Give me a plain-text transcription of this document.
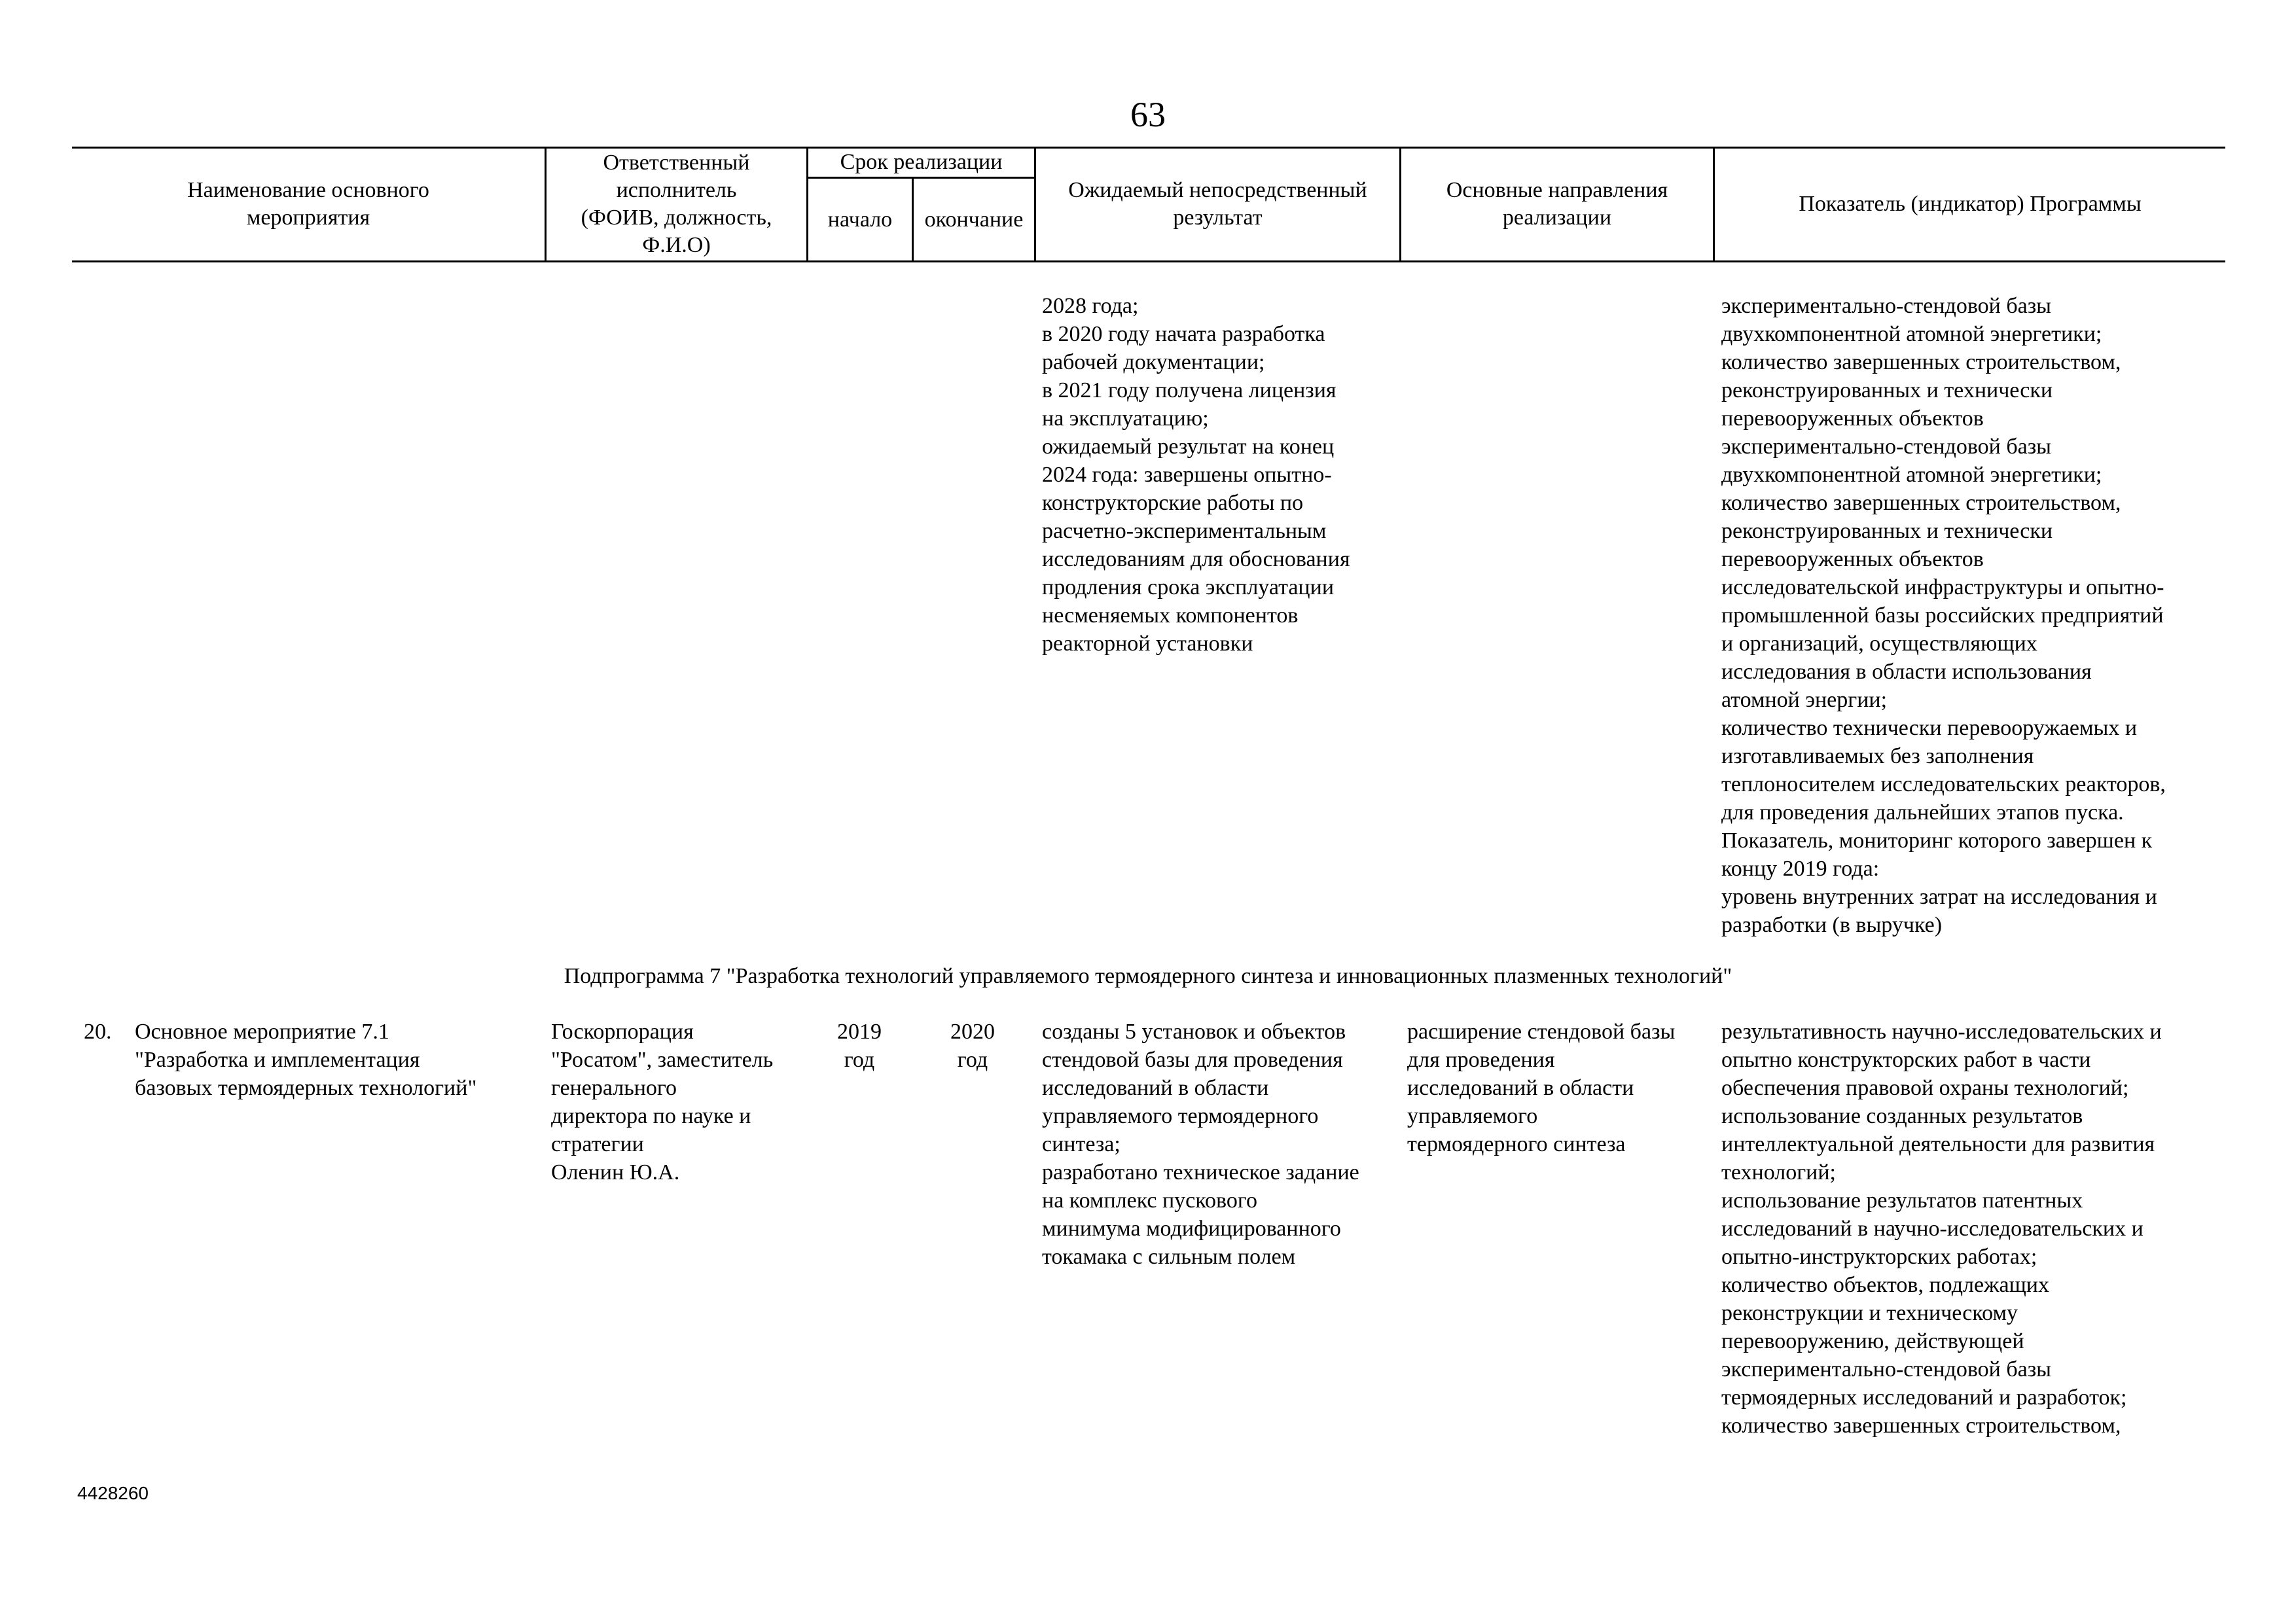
63
Наименование основного
мероприятия
Ответственный
исполнитель
(ФОИВ, должность,
Ф.И.О)
Срок реализации
начало	окончание
Ожидаемый непосредственный
результат
Основные направления
реализации
Показатель (индикатор) Программы
2028 года;
в 2020 году начата разработка
рабочей документации;
в 2021 году получена лицензия
на эксплуатацию;
ожидаемый результат на конец
2024 года: завершены опытно-
конструкторские работы по
расчетно-экспериментальным
исследованиям для обоснования
продления срока эксплуатации
несменяемых компонентов
реакторной установки
экспериментально-стендовой базы
двухкомпонентной атомной энергетики;
количество завершенных строительством,
реконструированных и технически
перевооруженных объектов
экспериментально-стендовой базы
двухкомпонентной атомной энергетики;
количество завершенных строительством,
реконструированных и технически
перевооруженных объектов
исследовательской инфраструктуры и опытно-
промышленной базы российских предприятий
и организаций, осуществляющих
исследования в области использования
атомной энергии;
количество технически перевооружаемых и
изготавливаемых без заполнения
теплоносителем исследовательских реакторов,
для проведения дальнейших этапов пуска.
Показатель, мониторинг которого завершен к
концу 2019 года:
уровень внутренних затрат на исследования и
разработки (в выручке)
Подпрограмма 7 "Разработка технологий управляемого термоядерного синтеза и инновационных плазменных технологий"
20. Основное мероприятие 7.1
"Разработка и имплементация
базовых термоядерных технологий"
Госкорпорация
"Росатом", заместитель
генерального
директора по науке и
стратегии
Оленин Ю.А.
2019
год
2020
год
созданы 5 установок и объектов
стендовой базы для проведения
исследований в области
управляемого термоядерного
синтеза;
разработано техническое задание
на комплекс пускового
минимума модифицированного
токамака с сильным полем
расширение стендовой базы
для проведения
исследований в области
управляемого
термоядерного синтеза
результативность научно-исследовательских и
опытно конструкторских работ в части
обеспечения правовой охраны технологий;
использование созданных результатов
интеллектуальной деятельности для развития
технологий;
использование результатов патентных
исследований в научно-исследовательских и
опытно-инструкторских работах;
количество объектов, подлежащих
реконструкции и техническому
перевооружению, действующей
экспериментально-стендовой базы
термоядерных исследований и разработок;
количество завершенных строительством,
4428260
